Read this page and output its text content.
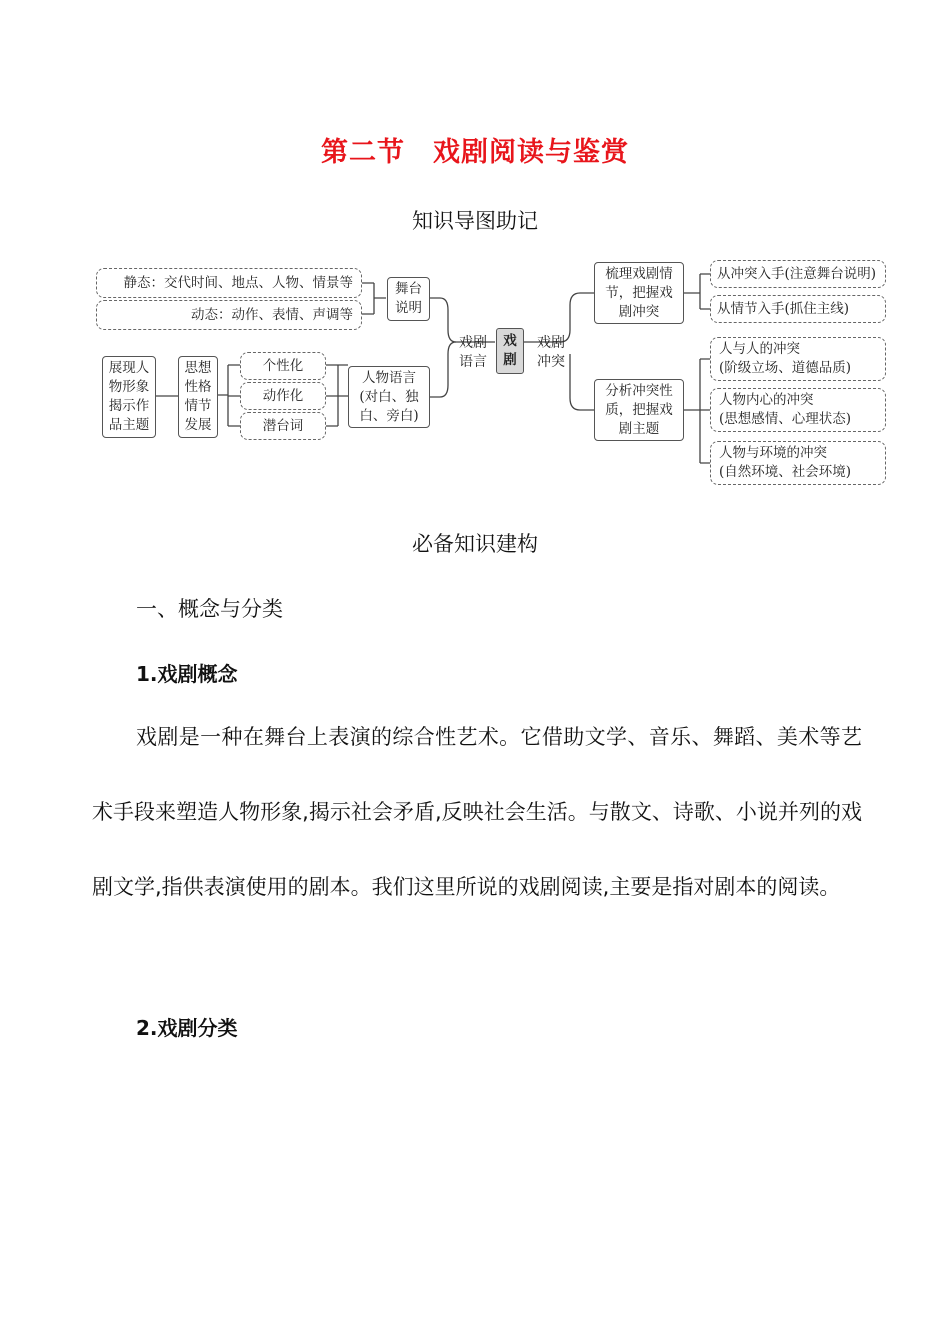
第二节　戏剧阅读与鉴赏
知识导图助记
静态：交代时间、地点、人物、情景等
动态：动作、表情、声调等
舞台
说明
戏剧
语言
戏
剧
戏剧
冲突
人物语言
(对白、独
白、旁白)
个性化
动作化
潜台词
思想
性格
情节
发展
展现人
物形象
揭示作
品主题
梳理戏剧情
节，把握戏
剧冲突
从冲突入手(注意舞台说明)
从情节入手(抓住主线)
分析冲突性
质，把握戏
剧主题
人与人的冲突
(阶级立场、道德品质)
人物内心的冲突
(思想感情、心理状态)
人物与环境的冲突
(自然环境、社会环境)
必备知识建构
一、概念与分类
1.戏剧概念

戏剧是一种在舞台上表演的综合性艺术。它借助文学、音乐、舞蹈、美术等艺术手段来塑造人物形象,揭示社会矛盾,反映社会生活。与散文、诗歌、小说并列的戏剧文学,指供表演使用的剧本。我们这里所说的戏剧阅读,主要是指对剧本的阅读。

2.戏剧分类
